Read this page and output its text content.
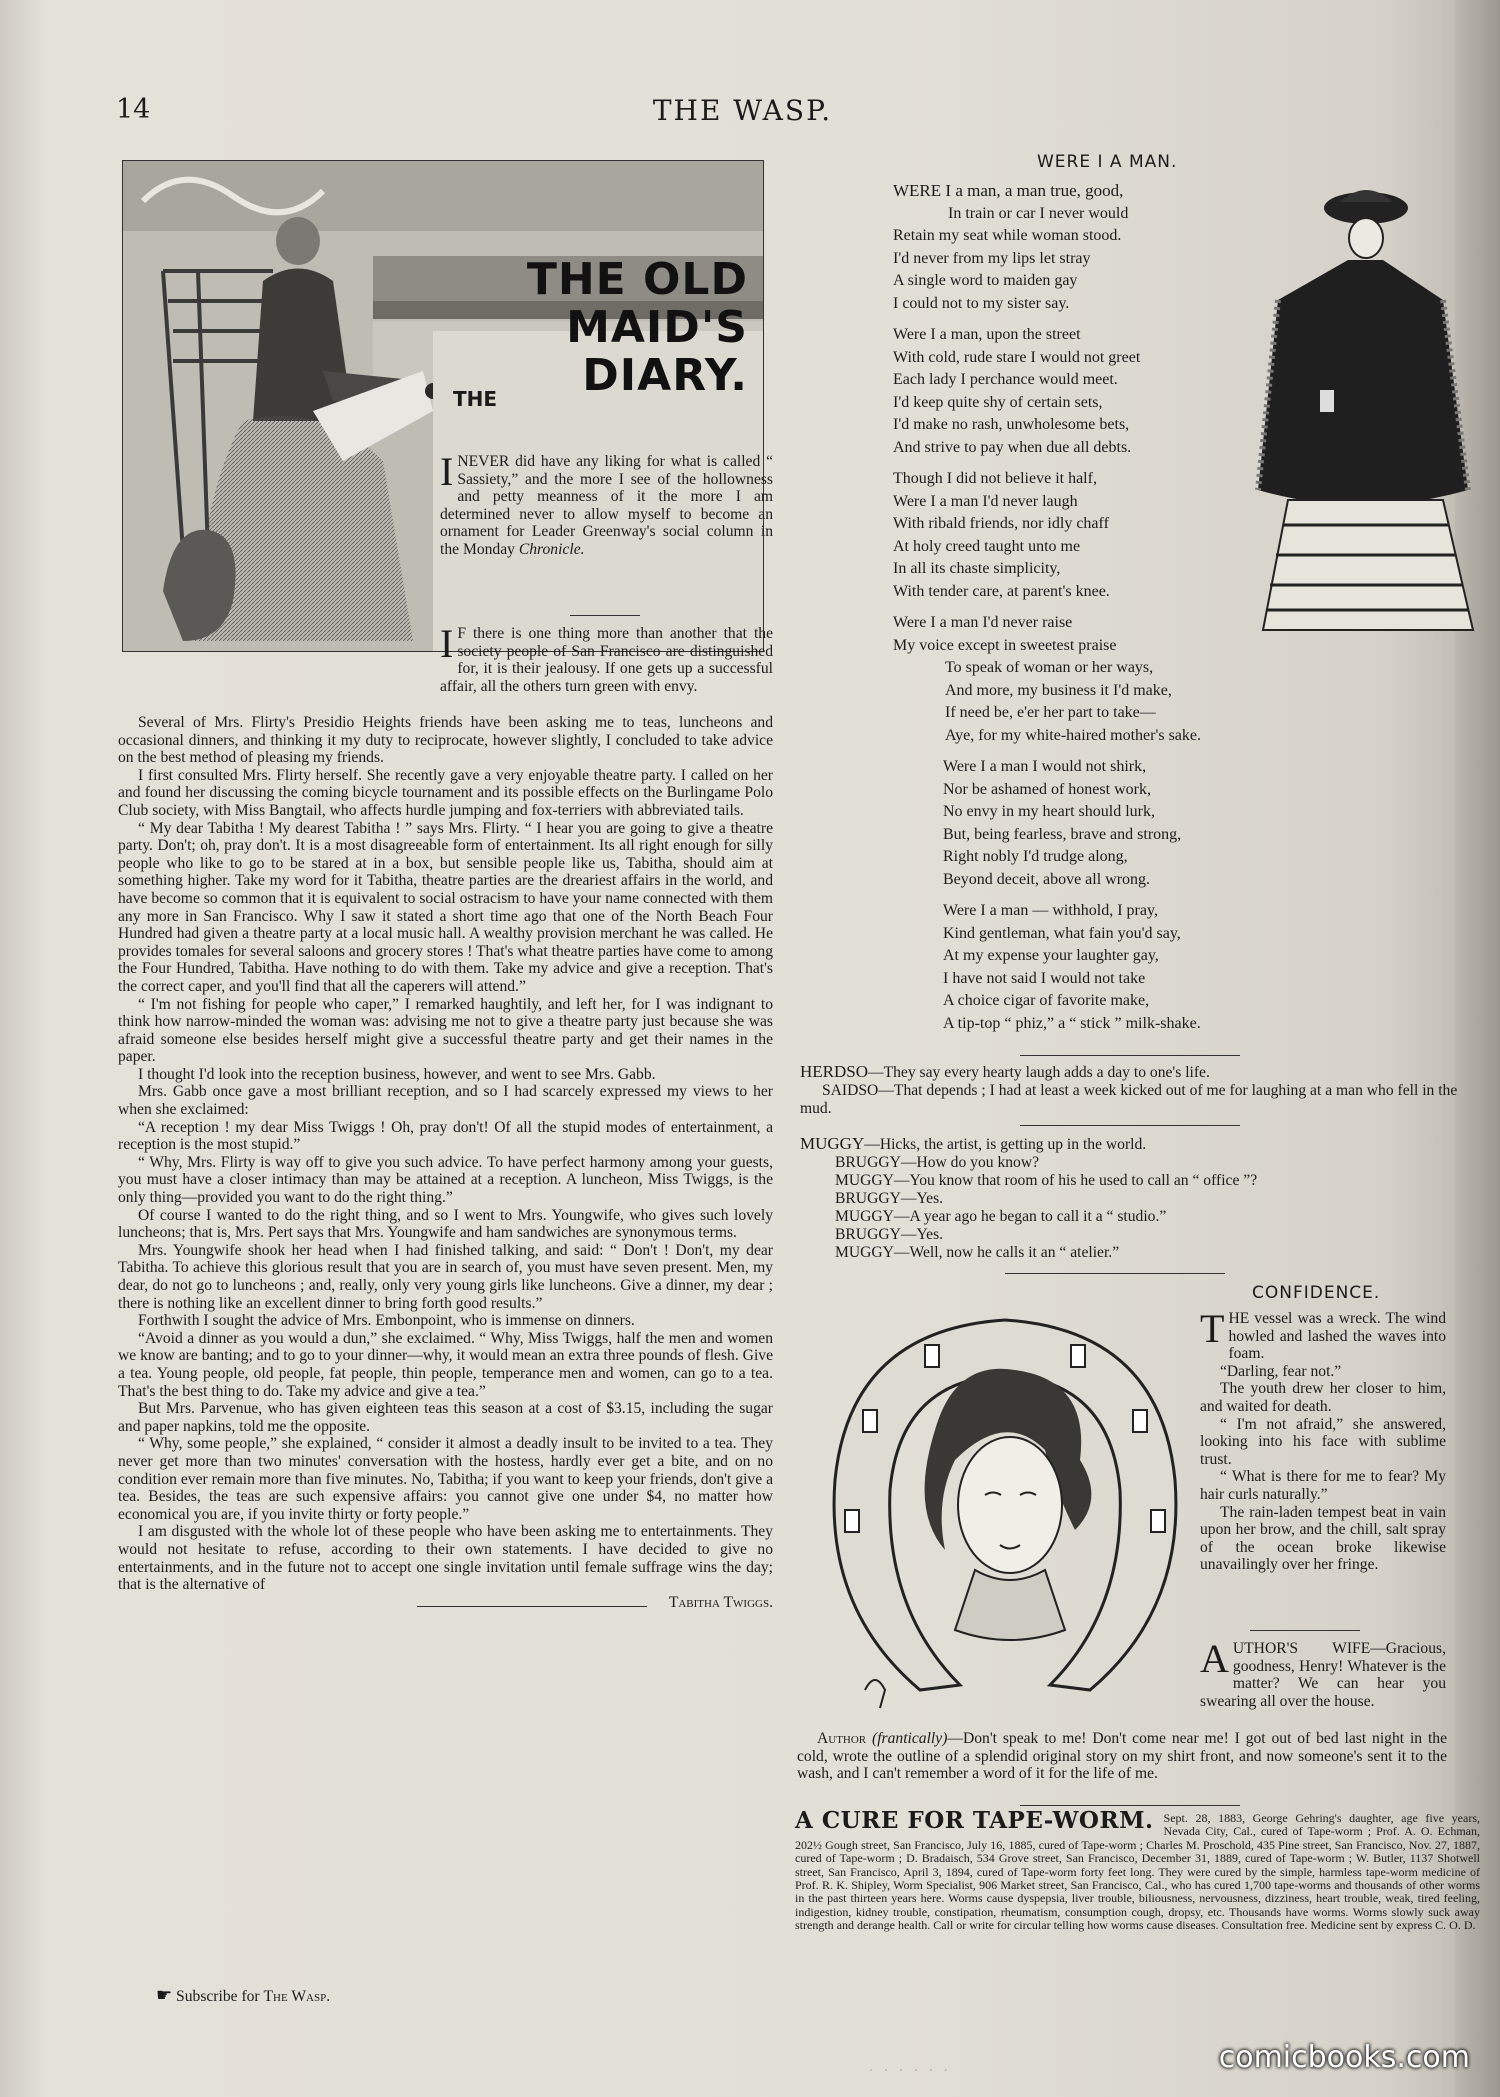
14	THE WASP.
THE
THE OLD MAID'S DIARY.

INEVER did have any liking for what is called “ Sassiety,” and the more I see of the hollowness and petty meanness of it the more I am determined never to allow myself to become an ornament for Leader Greenway's social column in the Monday Chronicle.

I F there is one thing more than another that the society people of San Francisco are distinguished for, it is their jealousy. If one gets up a successful affair, all the others turn green with envy.

Several of Mrs. Flirty's Presidio Heights friends have been asking me to teas, luncheons and occasional dinners, and thinking it my duty to reciprocate, however slightly, I concluded to take advice on the best method of pleasing my friends.

I first consulted Mrs. Flirty herself. She recently gave a very enjoyable theatre party. I called on her and found her discussing the coming bicycle tournament and its possible effects on the Burlingame Polo Club society, with Miss Bangtail, who affects hurdle jumping and fox-terriers with abbreviated tails.

“ My dear Tabitha ! My dearest Tabitha ! ” says Mrs. Flirty. “ I hear you are going to give a theatre party. Don't; oh, pray don't. It is a most disagreeable form of entertainment. Its all right enough for silly people who like to go to be stared at in a box, but sensible people like us, Tabitha, should aim at something higher. Take my word for it Tabitha, theatre parties are the dreariest affairs in the world, and have become so common that it is equivalent to social ostracism to have your name connected with them any more in San Francisco. Why I saw it stated a short time ago that one of the North Beach Four Hundred had given a theatre party at a local music hall. A wealthy provision merchant he was called. He provides tomales for several saloons and grocery stores ! That's what theatre parties have come to among the Four Hundred, Tabitha. Have nothing to do with them. Take my advice and give a reception. That's the correct caper, and you'll find that all the caperers will attend.”

“ I'm not fishing for people who caper,” I remarked haughtily, and left her, for I was indignant to think how narrow-minded the woman was: advising me not to give a theatre party just because she was afraid someone else besides herself might give a successful theatre party and get their names in the paper.

I thought I'd look into the reception business, however, and went to see Mrs. Gabb.

Mrs. Gabb once gave a most brilliant reception, and so I had scarcely expressed my views to her when she exclaimed:

“A reception ! my dear Miss Twiggs ! Oh, pray don't! Of all the stupid modes of entertainment, a reception is the most stupid.”

“ Why, Mrs. Flirty is way off to give you such advice. To have perfect harmony among your guests, you must have a closer intimacy than may be attained at a reception. A luncheon, Miss Twiggs, is the only thing—provided you want to do the right thing.”

Of course I wanted to do the right thing, and so I went to Mrs. Youngwife, who gives such lovely luncheons; that is, Mrs. Pert says that Mrs. Youngwife and ham sandwiches are synonymous terms.

Mrs. Youngwife shook her head when I had finished talking, and said: “ Don't ! Don't, my dear Tabitha. To achieve this glorious result that you are in search of, you must have seven present. Men, my dear, do not go to luncheons ; and, really, only very young girls like luncheons. Give a dinner, my dear ; there is nothing like an excellent dinner to bring forth good results.”

Forthwith I sought the advice of Mrs. Embonpoint, who is immense on dinners.

“Avoid a dinner as you would a dun,” she exclaimed. “ Why, Miss Twiggs, half the men and women we know are banting; and to go to your dinner—why, it would mean an extra three pounds of flesh. Give a tea. Young people, old people, fat people, thin people, temperance men and women, can go to a tea. That's the best thing to do. Take my advice and give a tea.”

But Mrs. Parvenue, who has given eighteen teas this season at a cost of $3.15, including the sugar and paper napkins, told me the opposite.

“ Why, some people,” she explained, “ consider it almost a deadly insult to be invited to a tea. They never get more than two minutes' conversation with the hostess, hardly ever get a bite, and on no condition ever remain more than five minutes. No, Tabitha; if you want to keep your friends, don't give a tea. Besides, the teas are such expensive affairs: you cannot give one under $4, no matter how economical you are, if you invite thirty or forty people.”

I am disgusted with the whole lot of these people who have been asking me to entertainments. They would not hesitate to refuse, according to their own statements. I have decided to give no entertainments, and in the future not to accept one single invitation until female suffrage wins the day; that is the alternative of

Tabitha Twiggs.

☛ Subscribe for The Wasp.
WERE I A MAN.
WERE I a man, a man true, good,
In train or car I never would
Retain my seat while woman stood.
I'd never from my lips let stray
A single word to maiden gay
I could not to my sister say.
Were I a man, upon the street
With cold, rude stare I would not greet
Each lady I perchance would meet.
I'd keep quite shy of certain sets,
I'd make no rash, unwholesome bets,
And strive to pay when due all debts.
Though I did not believe it half,
Were I a man I'd never laugh
With ribald friends, nor idly chaff
At holy creed taught unto me
In all its chaste simplicity,
With tender care, at parent's knee.
Were I a man I'd never raise
My voice except in sweetest praise
To speak of woman or her ways,
And more, my business it I'd make,
If need be, e'er her part to take—
Aye, for my white-haired mother's sake.
Were I a man I would not shirk,
Nor be ashamed of honest work,
No envy in my heart should lurk,
But, being fearless, brave and strong,
Right nobly I'd trudge along,
Beyond deceit, above all wrong.
Were I a man — withhold, I pray,
Kind gentleman, what fain you'd say,
At my expense your laughter gay,
I have not said I would not take
A choice cigar of favorite make,
A tip-top “ phiz,” a “ stick ” milk-shake.

HERDSO—They say every hearty laugh adds a day to one's life.

SAIDSO—That depends ; I had at least a week kicked out of me for laughing at a man who fell in the mud.

MUGGY—Hicks, the artist, is getting up in the world.

BRUGGY—How do you know?

MUGGY—You know that room of his he used to call an “ office ”?

BRUGGY—Yes.

MUGGY—A year ago he began to call it a “ studio.”

BRUGGY—Yes.

MUGGY—Well, now he calls it an “ atelier.”

CONFIDENCE.

THE vessel was a wreck. The wind howled and lashed the waves into foam.

“Darling, fear not.”

The youth drew her closer to him, and waited for death.

“ I'm not afraid,” she answered, looking into his face with sublime trust.

“ What is there for me to fear? My hair curls naturally.”

The rain-laden tempest beat in vain upon her brow, and the chill, salt spray of the ocean broke likewise unavailingly over her fringe.

AUTHOR'S WIFE—Gracious, goodness, Henry! Whatever is the matter? We can hear you swearing all over the house.

Author (frantically)—Don't speak to me! Don't come near me! I got out of bed last night in the cold, wrote the outline of a splendid original story on my shirt front, and now someone's sent it to the wash, and I can't remember a word of it for the life of me.

A CURE FOR TAPE-WORM. Sept. 28, 1883, George Gehring's daughter, age five years, Nevada City, Cal., cured of Tape-worm ; Prof. A. O. Echman, 202½ Gough street, San Francisco, July 16, 1885, cured of Tape-worm ; Charles M. Proschold, 435 Pine street, San Francisco, Nov. 27, 1887, cured of Tape-worm ; D. Bradaisch, 534 Grove street, San Francisco, December 31, 1889, cured of Tape-worm ; W. Butler, 1137 Shotwell street, San Francisco, April 3, 1894, cured of Tape-worm forty feet long. They were cured by the simple, harmless tape-worm medicine of Prof. R. K. Shipley, Worm Specialist, 906 Market street, San Francisco, Cal., who has cured 1,700 tape-worms and thousands of other worms in the past thirteen years here. Worms cause dyspepsia, liver trouble, biliousness, nervousness, dizziness, heart trouble, weak, tired feeling, indigestion, kidney trouble, constipation, rheumatism, consumption cough, dropsy, etc. Thousands have worms. Worms slowly suck away strength and derange health. Call or write for circular telling how worms cause diseases. Consultation free. Medicine sent by express C. O. D.
· · · · · ·	comicbooks.com
